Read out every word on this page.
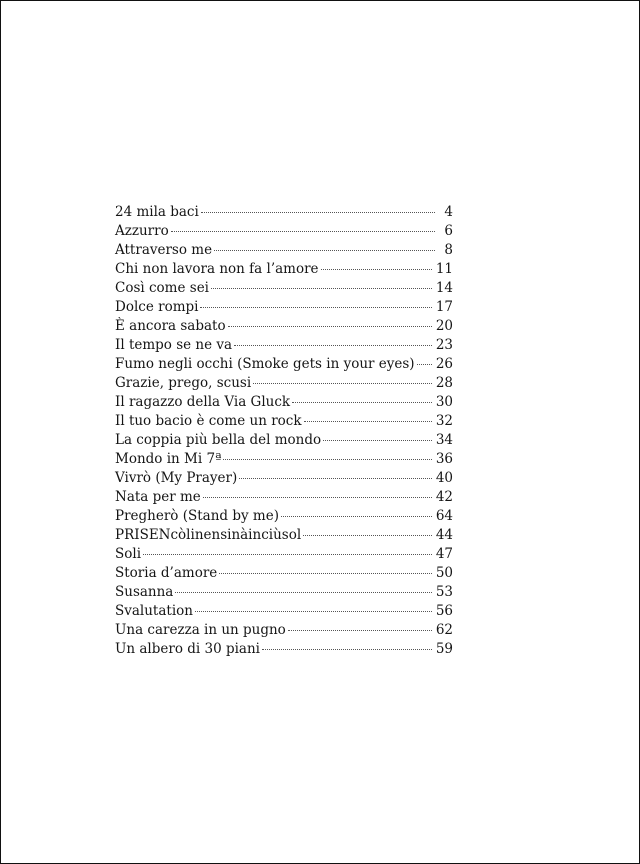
24 mila baci	4
Azzurro	6
Attraverso me	8
Chi non lavora non fa l’amore	11
Così come sei	14
Dolce rompi	17
È ancora sabato	20
Il tempo se ne va	23
Fumo negli occhi (Smoke gets in your eyes) 26
Grazie, prego, scusi	28
Il ragazzo della Via Gluck	30
Il tuo bacio è come un rock	32
La coppia più bella del mondo	34
Mondo in Mi 7ª	36
Vivrò (My Prayer)	40
Nata per me	42
Pregherò (Stand by me)	64
PRISENcòlinensinàinciùsol	44
Soli	47
Storia d’amore	50
Susanna	53
Svalutation	56
Una carezza in un pugno	62
Un albero di 30 piani	59
